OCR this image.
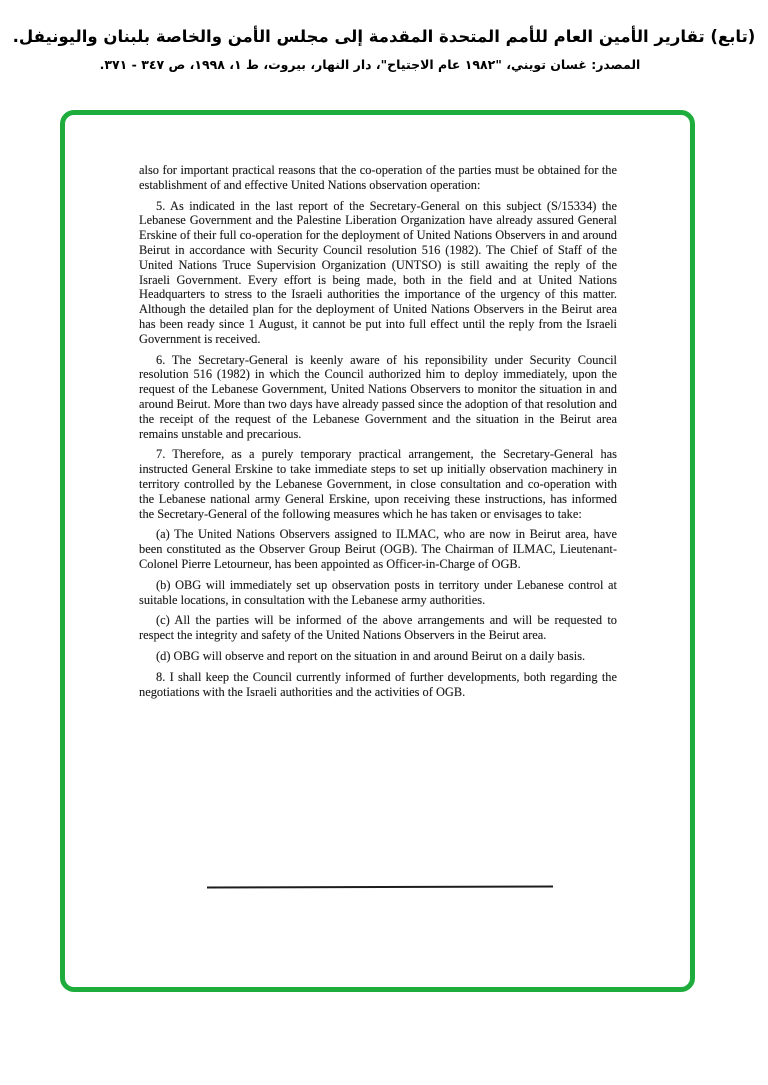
(تابع) تقارير الأمين العام للأمم المتحدة المقدمة إلى مجلس الأمن والخاصة بلبنان واليونيفل.
المصدر: غسان تويني، "١٩٨٢ عام الاجتياح"، دار النهار، بيروت، ط ١، ١٩٩٨، ص ٣٤٧ - ٣٧١.

also for important practical reasons that the co-operation of the parties must be obtained for the establishment of and effective United Nations observation operation:

5. As indicated in the last report of the Secretary-General on this subject (S/15334) the Lebanese Government and the Palestine Liberation Organization have already assured General Erskine of their full co-operation for the deployment of United Nations Observers in and around Beirut in accordance with Security Council resolution 516 (1982). The Chief of Staff of the United Nations Truce Supervision Organization (UNTSO) is still awaiting the reply of the Israeli Government. Every effort is being made, both in the field and at United Nations Headquarters to stress to the Israeli authorities the importance of the urgency of this matter. Although the detailed plan for the deployment of United Nations Observers in the Beirut area has been ready since 1 August, it cannot be put into full effect until the reply from the Israeli Government is received.

6. The Secretary-General is keenly aware of his reponsibility under Security Council resolution 516 (1982) in which the Council authorized him to deploy immediately, upon the request of the Lebanese Government, United Nations Observers to monitor the situation in and around Beirut. More than two days have already passed since the adoption of that resolution and the receipt of the request of the Lebanese Government and the situation in the Beirut area remains unstable and precarious.

7. Therefore, as a purely temporary practical arrangement, the Secretary-General has instructed General Erskine to take immediate steps to set up initially observation machinery in territory controlled by the Lebanese Government, in close consultation and co-operation with the Lebanese national army General Erskine, upon receiving these instructions, has informed the Secretary-General of the following measures which he has taken or envisages to take:

(a) The United Nations Observers assigned to ILMAC, who are now in Beirut area, have been constituted as the Observer Group Beirut (OGB). The Chairman of ILMAC, Lieutenant-Colonel Pierre Letourneur, has been appointed as Officer-in-Charge of OGB.

(b) OBG will immediately set up observation posts in territory under Lebanese control at suitable locations, in consultation with the Lebanese army authorities.

(c) All the parties will be informed of the above arrangements and will be requested to respect the integrity and safety of the United Nations Observers in the Beirut area.

(d) OBG will observe and report on the situation in and around Beirut on a daily basis.

8. I shall keep the Council currently informed of further developments, both regarding the negotiations with the Israeli authorities and the activities of OGB.
